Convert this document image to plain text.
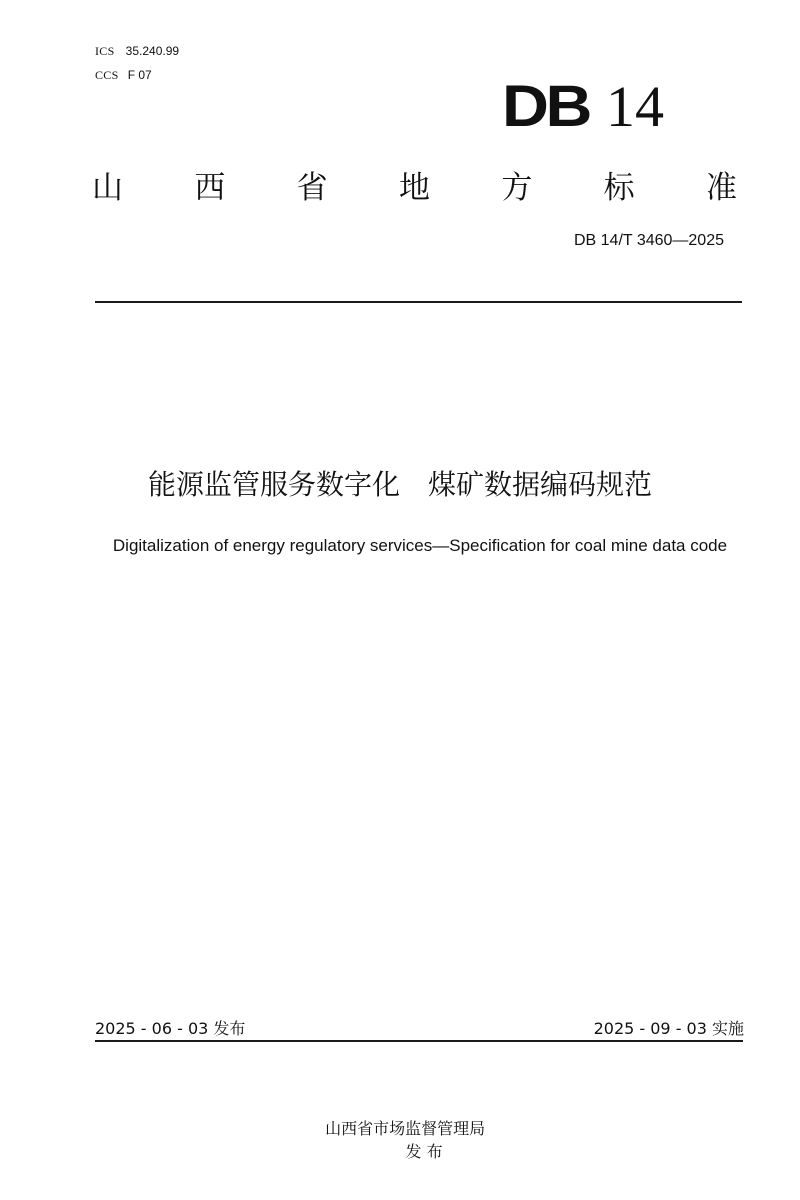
ICS 35.240.99
CCS F 07	DB 14
山 西 省 地 方 标 准
DB 14/T 3460—2025
能源监管服务数字化　煤矿数据编码规范
Digitalization of energy regulatory services—Specification for coal mine data code
2025 - 06 - 03 发布	2025 - 09 - 03 实施

山西省市场监督管理局
发 布
